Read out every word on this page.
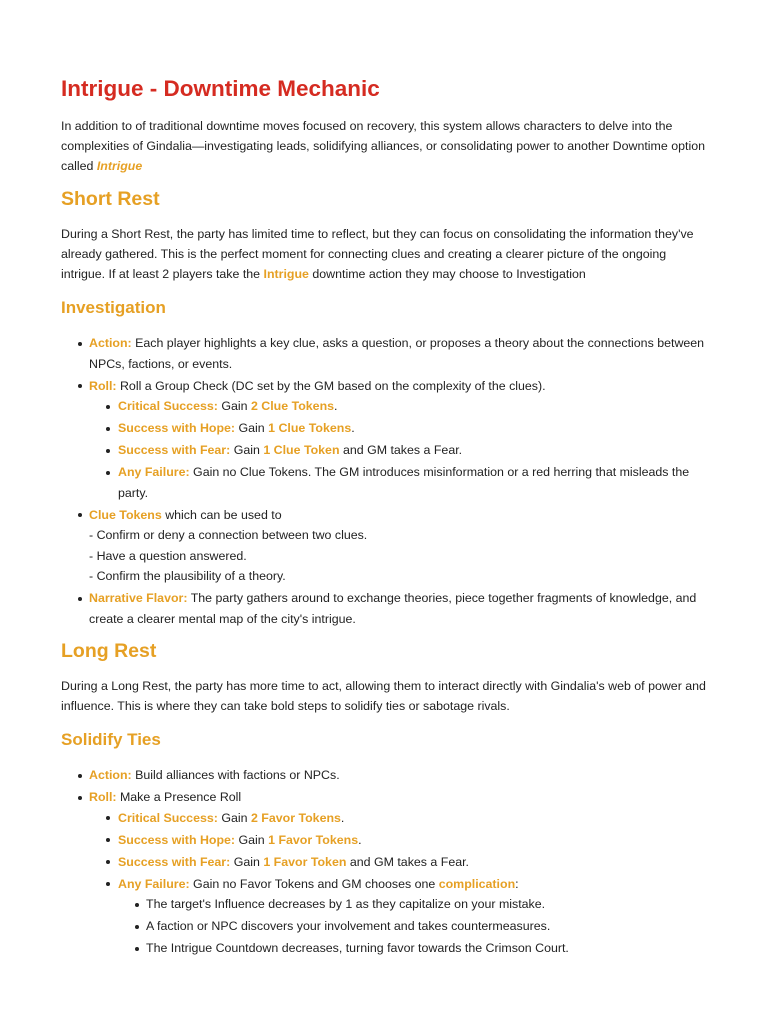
Intrigue - Downtime Mechanic

In addition to of traditional downtime moves focused on recovery, this system allows characters to delve into the complexities of Gindalia—investigating leads, solidifying alliances, or consolidating power to another Downtime option called Intrigue

Short Rest

During a Short Rest, the party has limited time to reflect, but they can focus on consolidating the information they've already gathered. This is the perfect moment for connecting clues and creating a clearer picture of the ongoing intrigue. If at least 2 players take the Intrigue downtime action they may choose to Investigation

Investigation
Action: Each player highlights a key clue, asks a question, or proposes a theory about the connections between NPCs, factions, or events.
Roll: Roll a Group Check (DC set by the GM based on the complexity of the clues).
Critical Success: Gain 2 Clue Tokens.
Success with Hope: Gain 1 Clue Tokens.
Success with Fear: Gain 1 Clue Token and GM takes a Fear.
Any Failure: Gain no Clue Tokens. The GM introduces misinformation or a red herring that misleads the party.
Clue Tokens which can be used to
- Confirm or deny a connection between two clues.
- Have a question answered.
- Confirm the plausibility of a theory.
Narrative Flavor: The party gathers around to exchange theories, piece together fragments of knowledge, and create a clearer mental map of the city's intrigue.
Long Rest

During a Long Rest, the party has more time to act, allowing them to interact directly with Gindalia's web of power and influence. This is where they can take bold steps to solidify ties or sabotage rivals.

Solidify Ties
Action: Build alliances with factions or NPCs.
Roll: Make a Presence Roll
Critical Success: Gain 2 Favor Tokens.
Success with Hope: Gain 1 Favor Tokens.
Success with Fear: Gain 1 Favor Token and GM takes a Fear.
Any Failure: Gain no Favor Tokens and GM chooses one complication:
The target's Influence decreases by 1 as they capitalize on your mistake.
A faction or NPC discovers your involvement and takes countermeasures.
The Intrigue Countdown decreases, turning favor towards the Crimson Court.
